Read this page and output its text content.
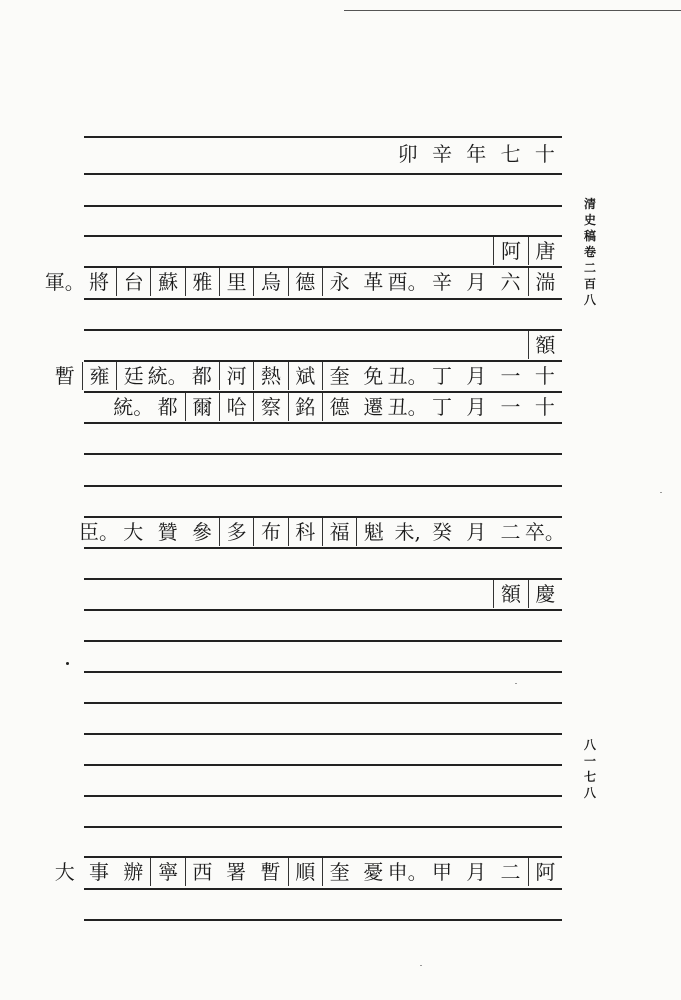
十
七
年
辛
卯
唐
阿
湍
六
月
辛
酉。
革
永
德
烏
里
雅
蘇
台
將
軍。
額
十
一
月
丁
丑。
免
奎
斌
熱
河
都
統。
廷
雍
暫
十
一
月
丁
丑。
遷
德
銘
察
哈
爾
都
統。
卒。
二
月
癸
未,
魁
福
科
布
多
參
贊
大
臣。
慶
額
阿
二
月
甲
申。
憂
奎
順
暫
署
西
寧
辦
事
大
清
史
稿
卷
二
百
八
八
一
七
八
